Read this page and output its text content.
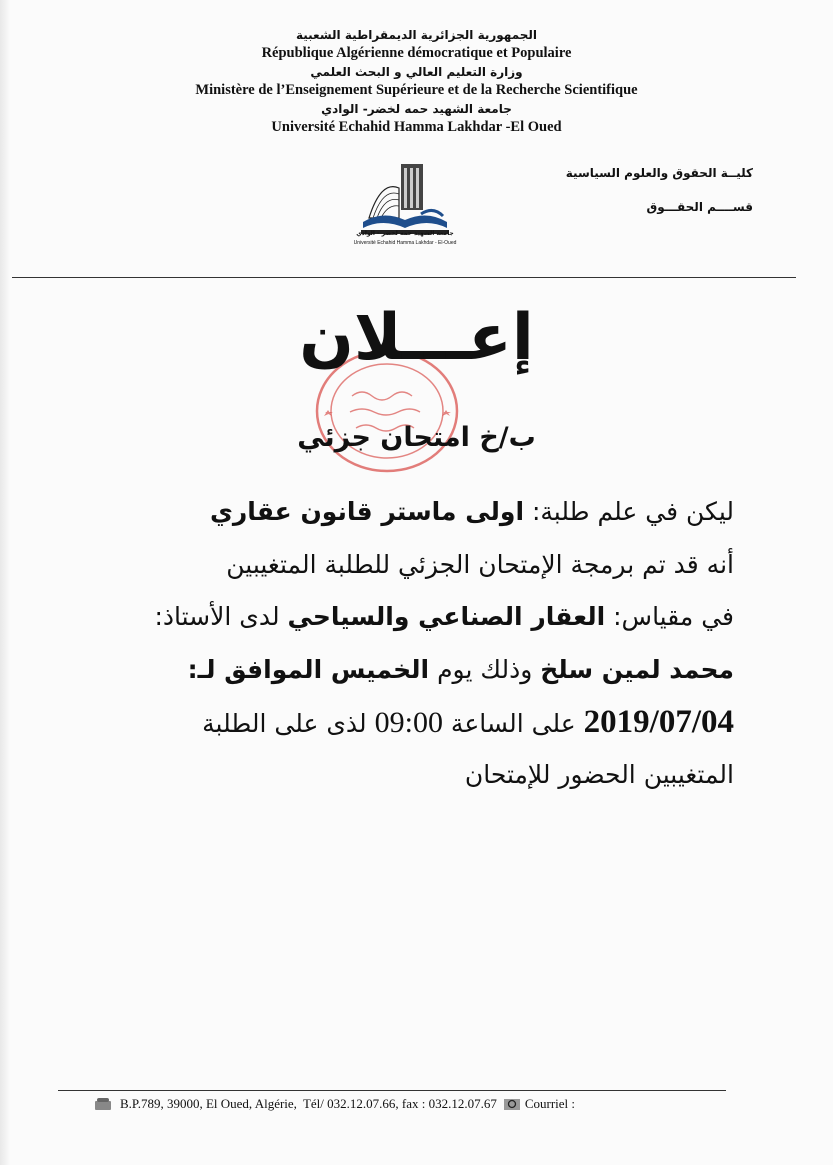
الجمهورية الجزائرية الديمقراطية الشعبية
République Algérienne démocratique et Populaire
وزارة التعليم العالي و البحث العلمي
Ministère de l’Enseignement Supérieure et de la Recherche Scientifique
جامعة الشهيد حمه لخضر- الوادي
Université Echahid Hamma Lakhdar -El Oued
كليــة الحقوق والعلوم السياسية
قســــم الحقـــوق
جامعة الشهيد حمه لخضر - الوادي
Université Echahid Hamma Lakhdar - El-Oued
إعـــلان
ب/خ امتحان جزئي
ليكن في علم طلبة: اولى ماستر قانون عقاري
أنه قد تم برمجة الإمتحان الجزئي للطلبة المتغيبين
في مقياس: العقار الصناعي والسياحي لدى الأستاذ:
محمد لمين سلخ وذلك يوم الخميس الموافق لـ:
2019/07/04 على الساعة 09:00 لذى على الطلبة
المتغيبين الحضور للإمتحان
B.P.789, 39000, El Oued, Algérie, Tél/ 032.12.07.66, fax : 032.12.07.67 Courriel :
